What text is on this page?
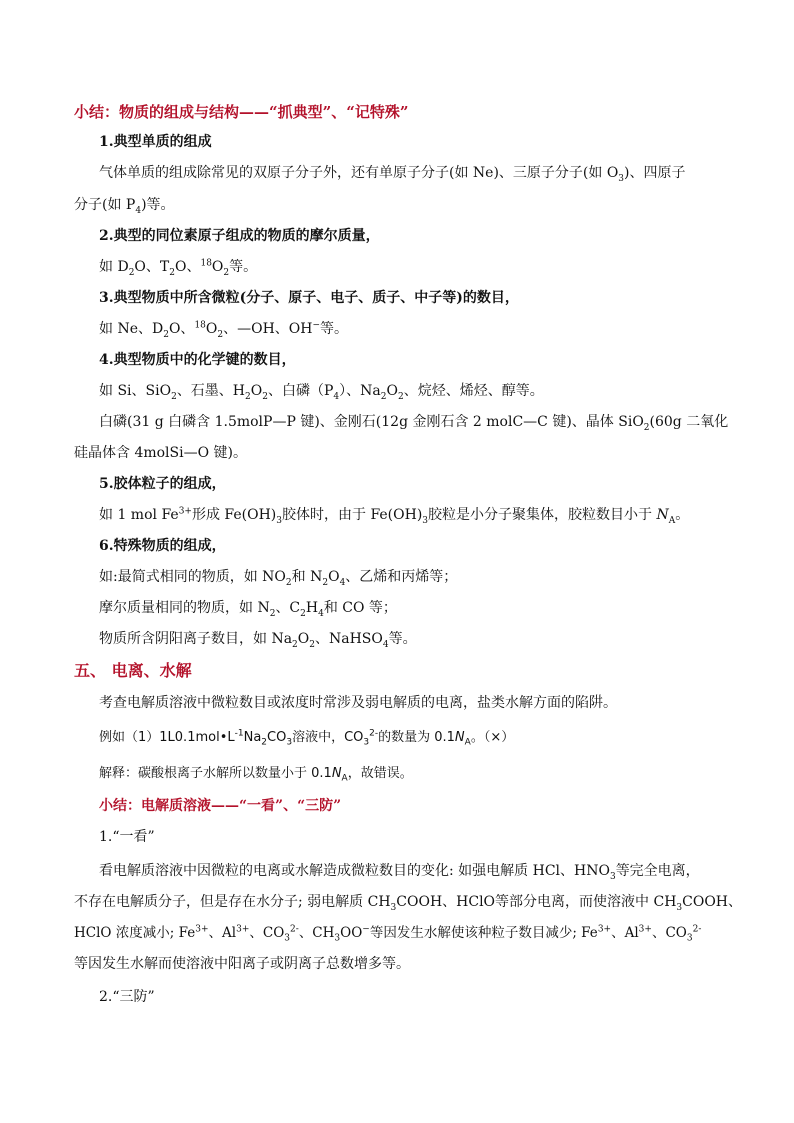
小结：物质的组成与结构——“抓典型”、“记特殊”
1.典型单质的组成
气体单质的组成除常见的双原子分子外，还有单原子分子(如 Ne)、三原子分子(如 $O_3$)、四原子
分子(如 $P_4$)等。
2.典型的同位素原子组成的物质的摩尔质量，
如 $D_2O$、$T_2O$、$^{18}O_2$等。
3.典型物质中所含微粒(分子、原子、电子、质子、中子等)的数目，
如 Ne、$D_2O$、$^{18}O_2$、—OH、OH−等。
4.典型物质中的化学键的数目，
如 Si、SiO$_2$、石墨、$H_2O_2$、白磷$(P_4)$、$Na_2O_2$、烷烃、烯烃、醇等。
白磷(31 g 白磷含 1.5molP—P 键)、金刚石(12g 金刚石含 2 molC—C 键)、晶体 SiO$_2$(60g 二氧化
硅晶体含 4molSi—O 键)。
5.胶体粒子的组成，
如 1 mol $Fe^{3+}$形成 $Fe(OH)_3$胶体时，由于 $Fe(OH)_3$胶粒是小分子聚集体，胶粒数目小于 $N_A$。
6.特殊物质的组成，
如:最简式相同的物质，如 $NO_2$和 $N_2O_4$、乙烯和丙烯等；
摩尔质量相同的物质，如 $N_2$、$C_2H_4$和 CO 等；
物质所含阴阳离子数目，如 $Na_2O_2$、NaHSO$_4$等。
五、 电离、水解
考查电解质溶液中微粒数目或浓度时常涉及弱电解质的电离，盐类水解方面的陷阱。
例如$(1)1L0.1mol•L^{-1}Na_2CO_3$溶液中，$CO_3^{2-}$的数量为 $0.1N_A$。（×）
解释：碳酸根离子水解所以数量小于 $0.1N_A$，故错误。
小结：电解质溶液——“一看”、“三防”
1.“一看”
看电解质溶液中因微粒的电离或水解造成微粒数目的变化: 如强电解质 HCl、$HNO_3$等完全电离，
不存在电解质分子，但是存在水分子; 弱电解质 $CH_3COOH$、HClO等部分电离，而使溶液中 $CH_3COOH$、
HClO 浓度减小; $Fe^{3+}$、$Al^{3+}$、$CO_3^{2-}$、$CH_3OO^-$等因发生水解使该种粒子数目减少; $Fe^{3+}$、$Al^{3+}$、$CO_3^{2-}$
等因发生水解而使溶液中阳离子或阴离子总数增多等。
2.“三防”
